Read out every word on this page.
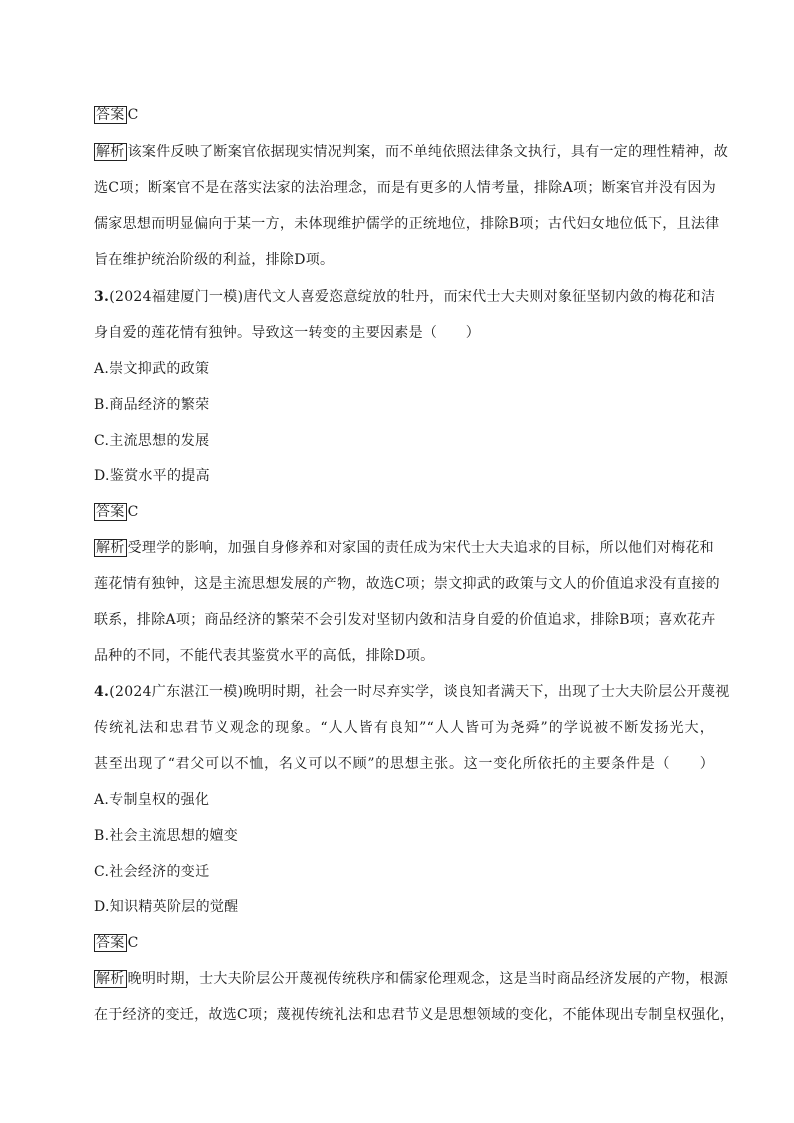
答案 C
解析 该案件反映了断案官依据现实情况判案，而不单纯依照法律条文执行，具有一定的理性精神，故
选C项；断案官不是在落实法家的法治理念，而是有更多的人情考量，排除A项；断案官并没有因为
儒家思想而明显偏向于某一方，未体现维护儒学的正统地位，排除B项；古代妇女地位低下，且法律
旨在维护统治阶级的利益，排除D项。
3.(2024福建厦门一模)唐代文人喜爱恣意绽放的牡丹，而宋代士大夫则对象征坚韧内敛的梅花和洁
身自爱的莲花情有独钟。导致这一转变的主要因素是（　　）
A.崇文抑武的政策
B.商品经济的繁荣
C.主流思想的发展
D.鉴赏水平的提高
答案 C
解析 受理学的影响，加强自身修养和对家国的责任成为宋代士大夫追求的目标，所以他们对梅花和
莲花情有独钟，这是主流思想发展的产物，故选C项；崇文抑武的政策与文人的价值追求没有直接的
联系，排除A项；商品经济的繁荣不会引发对坚韧内敛和洁身自爱的价值追求，排除B项；喜欢花卉
品种的不同，不能代表其鉴赏水平的高低，排除D项。
4.(2024广东湛江一模)晚明时期，社会一时尽弃实学，谈良知者满天下，出现了士大夫阶层公开蔑视
传统礼法和忠君节义观念的现象。“人人皆有良知”“人人皆可为尧舜”的学说被不断发扬光大，
甚至出现了“君父可以不恤，名义可以不顾”的思想主张。这一变化所依托的主要条件是（　　）
A.专制皇权的强化
B.社会主流思想的嬗变
C.社会经济的变迁
D.知识精英阶层的觉醒
答案 C
解析 晚明时期，士大夫阶层公开蔑视传统秩序和儒家伦理观念，这是当时商品经济发展的产物，根源
在于经济的变迁，故选C项；蔑视传统礼法和忠君节义是思想领域的变化，不能体现出专制皇权强化，
